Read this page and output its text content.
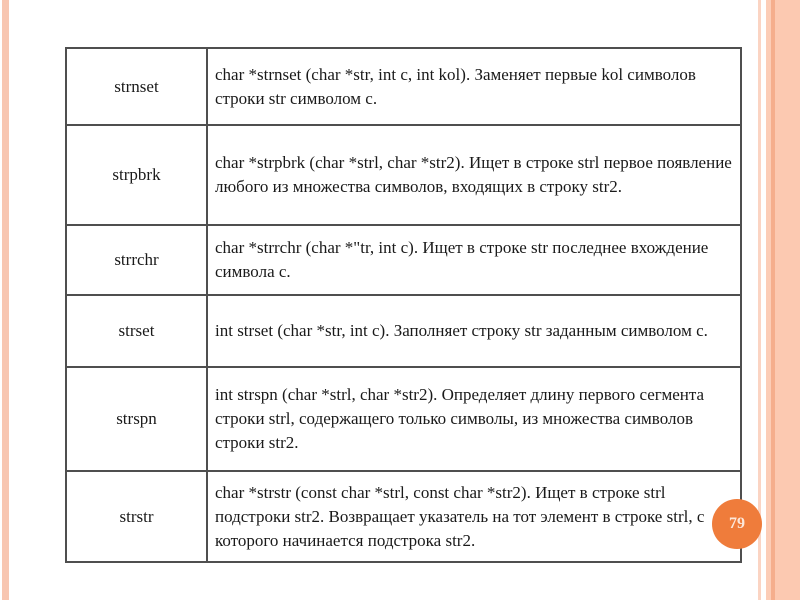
strnset	char *strnset (char *str, int c, int kol). Заменяет первые kol символов строки str символом c.
strpbrk	char *strpbrk (char *strl, char *str2). Ищет в строке strl первое появление любого из множества символов, входящих в строку str2.
strrchr	char *strrchr (char *"tr, int c). Ищет в строке str последнее вхождение символа c.
strset	int strset (char *str, int c). Заполняет строку str заданным символом c.
strspn	int strspn (char *strl, char *str2). Определяет длину первого сегмента строки strl, содержащего только символы, из множества символов строки str2.
strstr	char *strstr (const char *strl, const char *str2). Ищет в строке strl подстроки str2. Возвращает указатель на тот элемент в строке strl, с которого начинается подстрока str2.
79
